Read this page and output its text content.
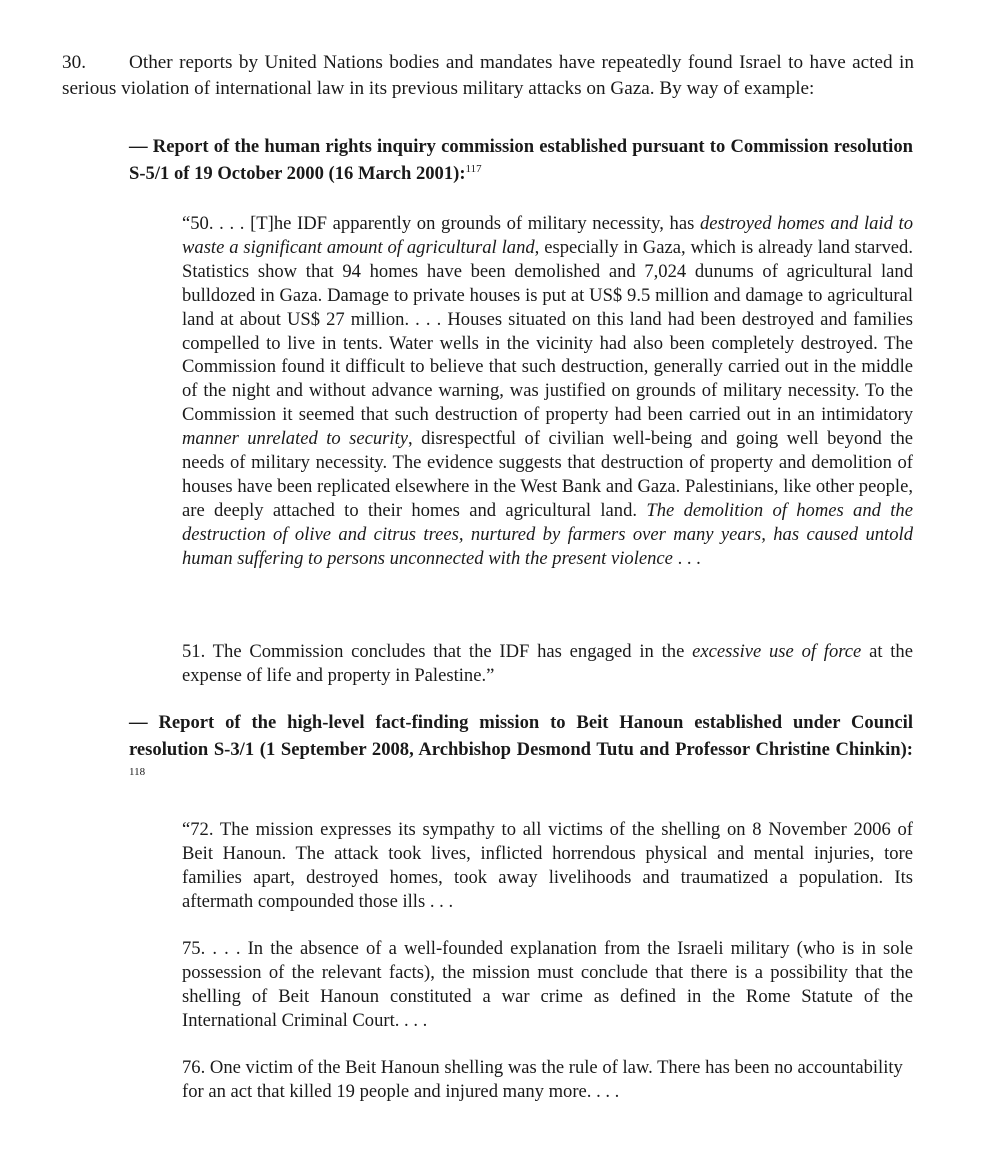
30. Other reports by United Nations bodies and mandates have repeatedly found Israel to have acted in serious violation of international law in its previous military attacks on Gaza. By way of example:

— Report of the human rights inquiry commission established pursuant to Commission resolution S-5/1 of 19 October 2000 (16 March 2001):$^{117}$

“50. . . . [T]he IDF apparently on grounds of military necessity, has destroyed homes and laid to waste a significant amount of agricultural land, especially in Gaza, which is already land starved. Statistics show that 94 homes have been demolished and 7,024 dunums of agricultural land bulldozed in Gaza. Damage to private houses is put at US$ 9.5 million and damage to agricultural land at about US$ 27 million. . . . Houses situated on this land had been destroyed and families compelled to live in tents. Water wells in the vicinity had also been completely destroyed. The Commission found it difficult to believe that such destruction, generally carried out in the middle of the night and without advance warning, was justified on grounds of military necessity. To the Commission it seemed that such destruction of property had been carried out in an intimidatory manner unrelated to security, disrespectful of civilian well-being and going well beyond the needs of military necessity. The evidence suggests that destruction of property and demolition of houses have been replicated elsewhere in the West Bank and Gaza. Palestinians, like other people, are deeply attached to their homes and agricultural land. The demolition of homes and the destruction of olive and citrus trees, nurtured by farmers over many years, has caused untold human suffering to persons unconnected with the present violence . . .

51. The Commission concludes that the IDF has engaged in the excessive use of force at the expense of life and property in Palestine.”

— Report of the high-level fact-finding mission to Beit Hanoun established under Council resolution S-3/1 (1 September 2008, Archbishop Desmond Tutu and Professor Christine Chinkin): $^{118}$

“72. The mission expresses its sympathy to all victims of the shelling on 8 November 2006 of Beit Hanoun. The attack took lives, inflicted horrendous physical and mental injuries, tore families apart, destroyed homes, took away livelihoods and traumatized a population. Its aftermath compounded those ills . . .

75. . . . In the absence of a well-founded explanation from the Israeli military (who is in sole possession of the relevant facts), the mission must conclude that there is a possibility that the shelling of Beit Hanoun constituted a war crime as defined in the Rome Statute of the International Criminal Court. . . .

76. One victim of the Beit Hanoun shelling was the rule of law. There has been no accountability for an act that killed 19 people and injured many more. . . .
